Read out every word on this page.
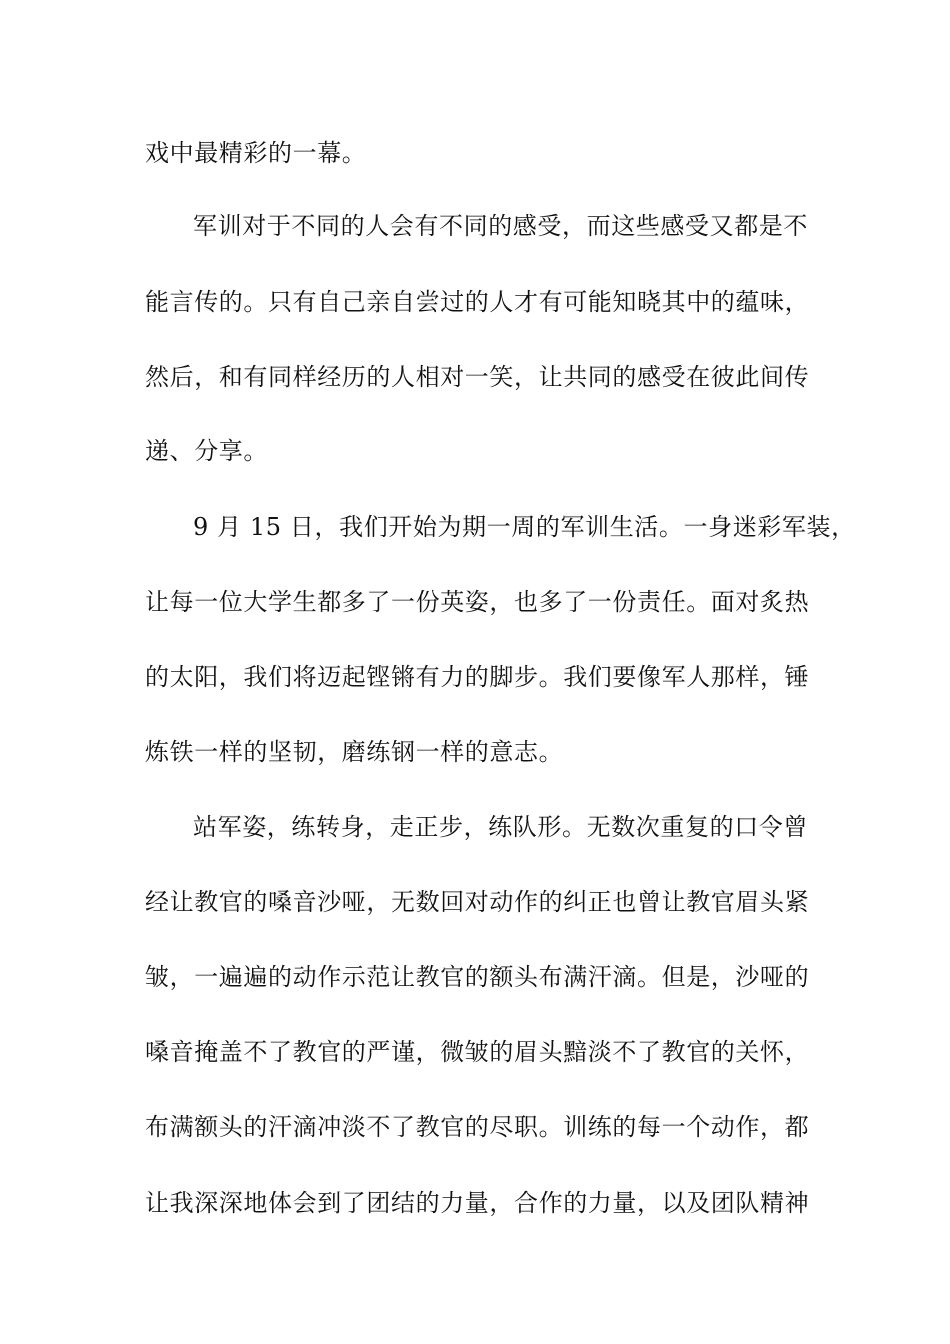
戏中最精彩的一幕。
军训对于不同的人会有不同的感受，而这些感受又都是不
能言传的。只有自己亲自尝过的人才有可能知晓其中的蕴味，
然后，和有同样经历的人相对一笑，让共同的感受在彼此间传
递、分享。
9 月 15 日，我们开始为期一周的军训生活。一身迷彩军装，
让每一位大学生都多了一份英姿，也多了一份责任。面对炙热
的太阳，我们将迈起铿锵有力的脚步。我们要像军人那样，锤
炼铁一样的坚韧，磨练钢一样的意志。
站军姿，练转身，走正步，练队形。无数次重复的口令曾
经让教官的嗓音沙哑，无数回对动作的纠正也曾让教官眉头紧
皱，一遍遍的动作示范让教官的额头布满汗滴。但是，沙哑的
嗓音掩盖不了教官的严谨，微皱的眉头黯淡不了教官的关怀，
布满额头的汗滴冲淡不了教官的尽职。训练的每一个动作，都
让我深深地体会到了团结的力量，合作的力量，以及团队精神
